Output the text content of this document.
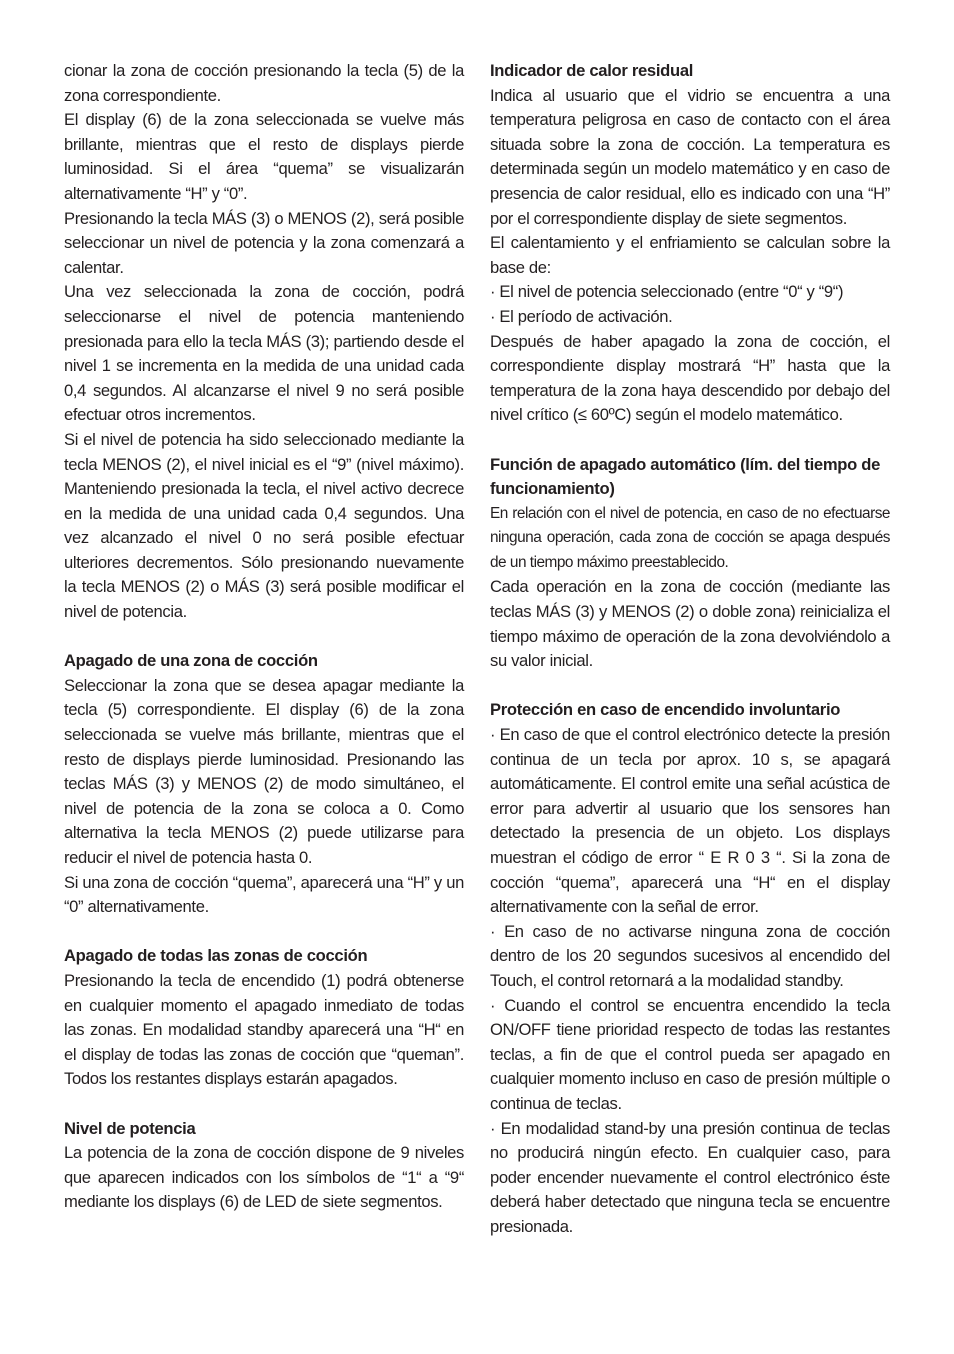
cionar la zona de cocción presionando la tecla (5) de la zona correspondiente.

El display (6) de la zona seleccionada se vuelve más brillante, mientras que el resto de displays pierde luminosidad. Si el área “quema” se visualizarán alternativamente “H” y “0”.

Presionando la tecla MÁS (3) o MENOS (2), será posible seleccionar un nivel de potencia y la zona comenzará a calentar.

Una vez seleccionada la zona de cocción, podrá seleccionarse el nivel de potencia manteniendo presionada para ello la tecla MÁS (3); partiendo desde el nivel 1 se incrementa en la medida de una unidad cada 0,4 segundos. Al alcanzarse el nivel 9 no será posible efectuar otros incrementos.

Si el nivel de potencia ha sido seleccionado mediante la tecla MENOS (2), el nivel inicial es el “9” (nivel máximo). Manteniendo presionada la tecla, el nivel activo decrece en la medida de una unidad cada 0,4 segundos. Una vez alcanzado el nivel 0 no será posible efectuar ulteriores decrementos. Sólo presionando nuevamente la tecla MENOS (2) o MÁS (3) será posible modificar el nivel de potencia.

Apagado de una zona de cocción

Seleccionar la zona que se desea apagar mediante la tecla (5) correspondiente. El display (6) de la zona seleccionada se vuelve más brillante, mientras que el resto de displays pierde luminosidad. Presionando las teclas MÁS (3) y MENOS (2) de modo simultáneo, el nivel de potencia de la zona se coloca a 0. Como alternativa la tecla MENOS (2) puede utilizarse para reducir el nivel de potencia hasta 0.

Si una zona de cocción “quema”, aparecerá una “H” y un “0” alternativamente.

Apagado de todas las zonas de cocción

Presionando la tecla de encendido (1) podrá obtenerse en cualquier momento el apagado inmediato de todas las zonas. En modalidad standby aparecerá una “H“ en el display de todas las zonas de cocción que “queman”. Todos los restantes displays estarán apagados.

Nivel de potencia

La potencia de la zona de cocción dispone de 9 niveles que aparecen indicados con los símbolos de “1“ a “9“ mediante los displays (6) de LED de siete segmentos.

Indicador de calor residual

Indica al usuario que el vidrio se encuentra a una temperatura peligrosa en caso de contacto con el área situada sobre la zona de cocción. La temperatura es determinada según un modelo matemático y en caso de presencia de calor residual, ello es indicado con una “H” por el correspondiente display de siete segmentos.

El calentamiento y el enfriamiento se calculan sobre la base de:

· El nivel de potencia seleccionado (entre “0“ y “9“)

· El período de activación.

Después de haber apagado la zona de cocción, el correspondiente display mostrará “H” hasta que la temperatura de la zona haya descendido por debajo del nivel crítico (≤ 60ºC) según el modelo matemático.

Función de apagado automático (lím. del tiempo de funcionamiento)

En relación con el nivel de potencia, en caso de no efectuarse ninguna operación, cada zona de cocción se apaga después de un tiempo máximo preestablecido.

Cada operación en la zona de cocción (mediante las teclas MÁS (3) y MENOS (2) o doble zona) reinicializa el tiempo máximo de operación de la zona devolviéndolo a su valor inicial.

Protección en caso de encendido involuntario

· En caso de que el control electrónico detecte la presión continua de un tecla por aprox. 10 s, se apagará automáticamente. El control emite una señal acústica de error para advertir al usuario que los sensores han detectado la presencia de un objeto. Los displays muestran el código de error “ E R 0 3 “. Si la zona de cocción “quema”, aparecerá una “H“ en el display alternativamente con la señal de error.

· En caso de no activarse ninguna zona de cocción dentro de los 20 segundos sucesivos al encendido del Touch, el control retornará a la modalidad standby.

· Cuando el control se encuentra encendido la tecla ON/OFF tiene prioridad respecto de todas las restantes teclas, a fin de que el control pueda ser apagado en cualquier momento incluso en caso de presión múltiple o continua de teclas.

· En modalidad stand-by una presión continua de teclas no producirá ningún efecto. En cualquier caso, para poder encender nuevamente el control electrónico éste deberá haber detectado que ninguna tecla se encuentre presionada.
